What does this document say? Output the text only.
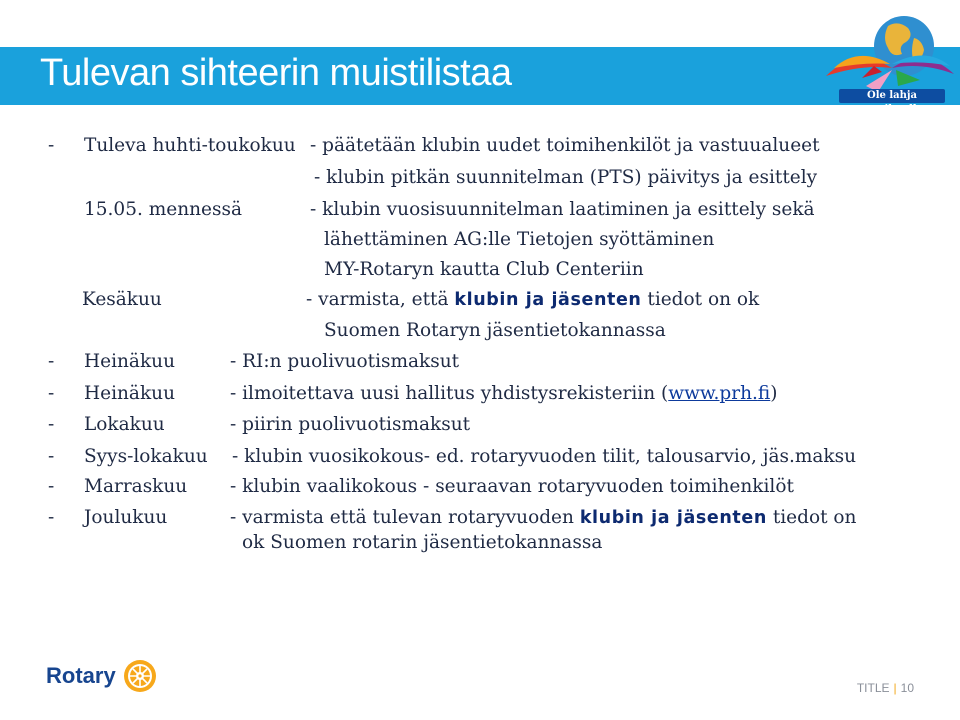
Tulevan sihteerin muistilistaa
Ole lahja maailmalle
- Tuleva huhti-toukokuu - päätetään klubin uudet toimihenkilöt ja vastuualueet
- klubin pitkän suunnitelman (PTS) päivitys ja esittely
15.05. mennessä	- klubin vuosisuunnitelman laatiminen ja esittely sekä
lähettäminen AG:lle Tietojen syöttäminen
MY-Rotaryn kautta Club Centeriin
Kesäkuu	- varmista, että klubin ja jäsenten tiedot on ok
Suomen Rotaryn jäsentietokannassa
- Heinäkuu	- RI:n puolivuotismaksut
- Heinäkuu	- ilmoitettava uusi hallitus yhdistysrekisteriin (www.prh.fi)
- Lokakuu	- piirin puolivuotismaksut
- Syys-lokakuu - klubin vuosikokous- ed. rotaryvuoden tilit, talousarvio, jäs.maksu
- Marraskuu - klubin vaalikokous - seuraavan rotaryvuoden toimihenkilöt
- Joulukuu	- varmista että tulevan rotaryvuoden klubin ja jäsenten tiedot on
ok Suomen rotarin jäsentietokannassa
Rotary	TITLE | 10
